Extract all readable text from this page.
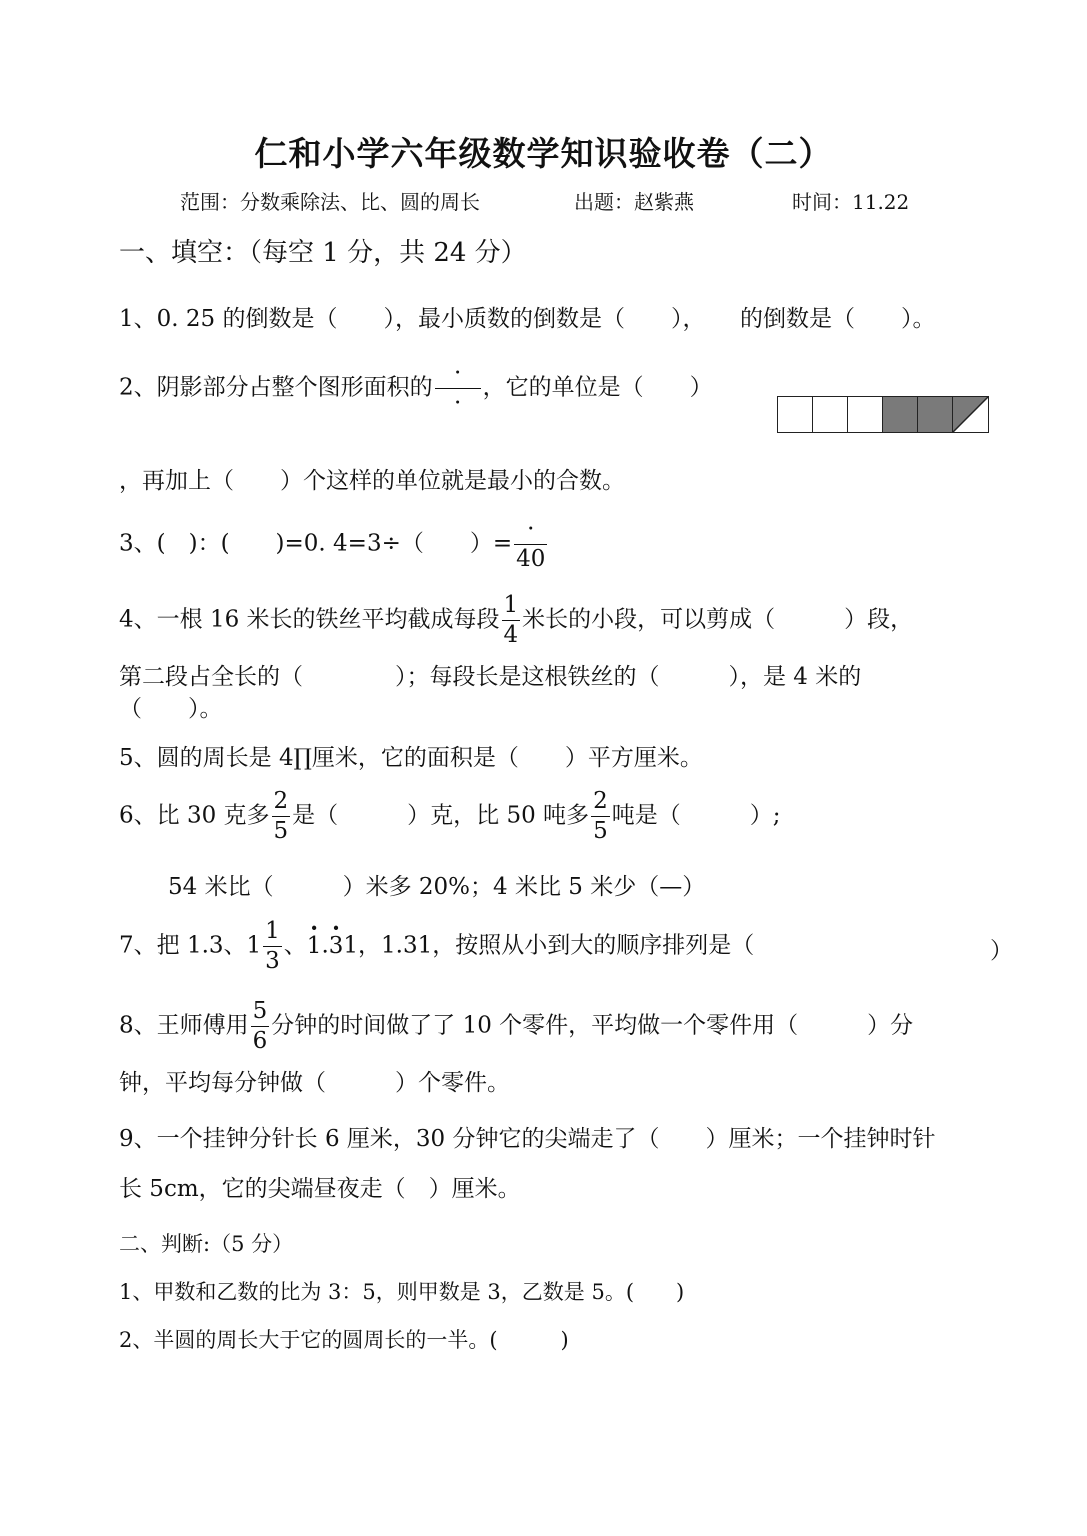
仁和小学六年级数学知识验收卷（二）
范围：分数乘除法、比、圆的周长	出题：赵紫燕	时间：11.22
一、填空：（每空 1 分，共 24 分）
1、0. 25 的倒数是（　　），最小质数的倒数是（　　），　　的倒数是（　　）。
2、阴影部分占整个图形面积的 $\frac{\cdot}{\cdot}$ ，它的单位是（　　）
，再加上（　　）个这样的单位就是最小的合数。
3、(　)：(　　)=0. 4=3÷（　　）= $\frac{\cdot}{40}$
4、一根 16 米长的铁丝平均截成每段 $\frac{1}{4}$ 米长的小段，可以剪成（　　　）段，
第二段占全长的（　　　　）；每段长是这根铁丝的（　　　），是 4 米的
（　　）。
5、圆的周长是 4∏厘米，它的面积是（　　）平方厘米。
6、比 30 克多 $\frac{2}{5}$ 是（　　　）克，比 50 吨多 $\frac{2}{5}$ 吨是（　　　）;
54 米比（　　　）米多 20%；4 米比 5 米少（—）
7、把 1.3、$1 \frac{1}{3}$ 、· 1.· 31，1.31，按照从小到大的顺序排列是（	）
8、王师傅用 $\frac{5}{6}$ 分钟的时间做了了 10 个零件，平均做一个零件用（　　　）分
钟，平均每分钟做（　　　）个零件。
9、一个挂钟分针长 6 厘米，30 分钟它的尖端走了（　　）厘米；一个挂钟时针
长 5cm，它的尖端昼夜走（　）厘米。
二、判断:（5 分）
1、甲数和乙数的比为 3：5，则甲数是 3，乙数是 5。(　　)
2、半圆的周长大于它的圆周长的一半。(　　　)
